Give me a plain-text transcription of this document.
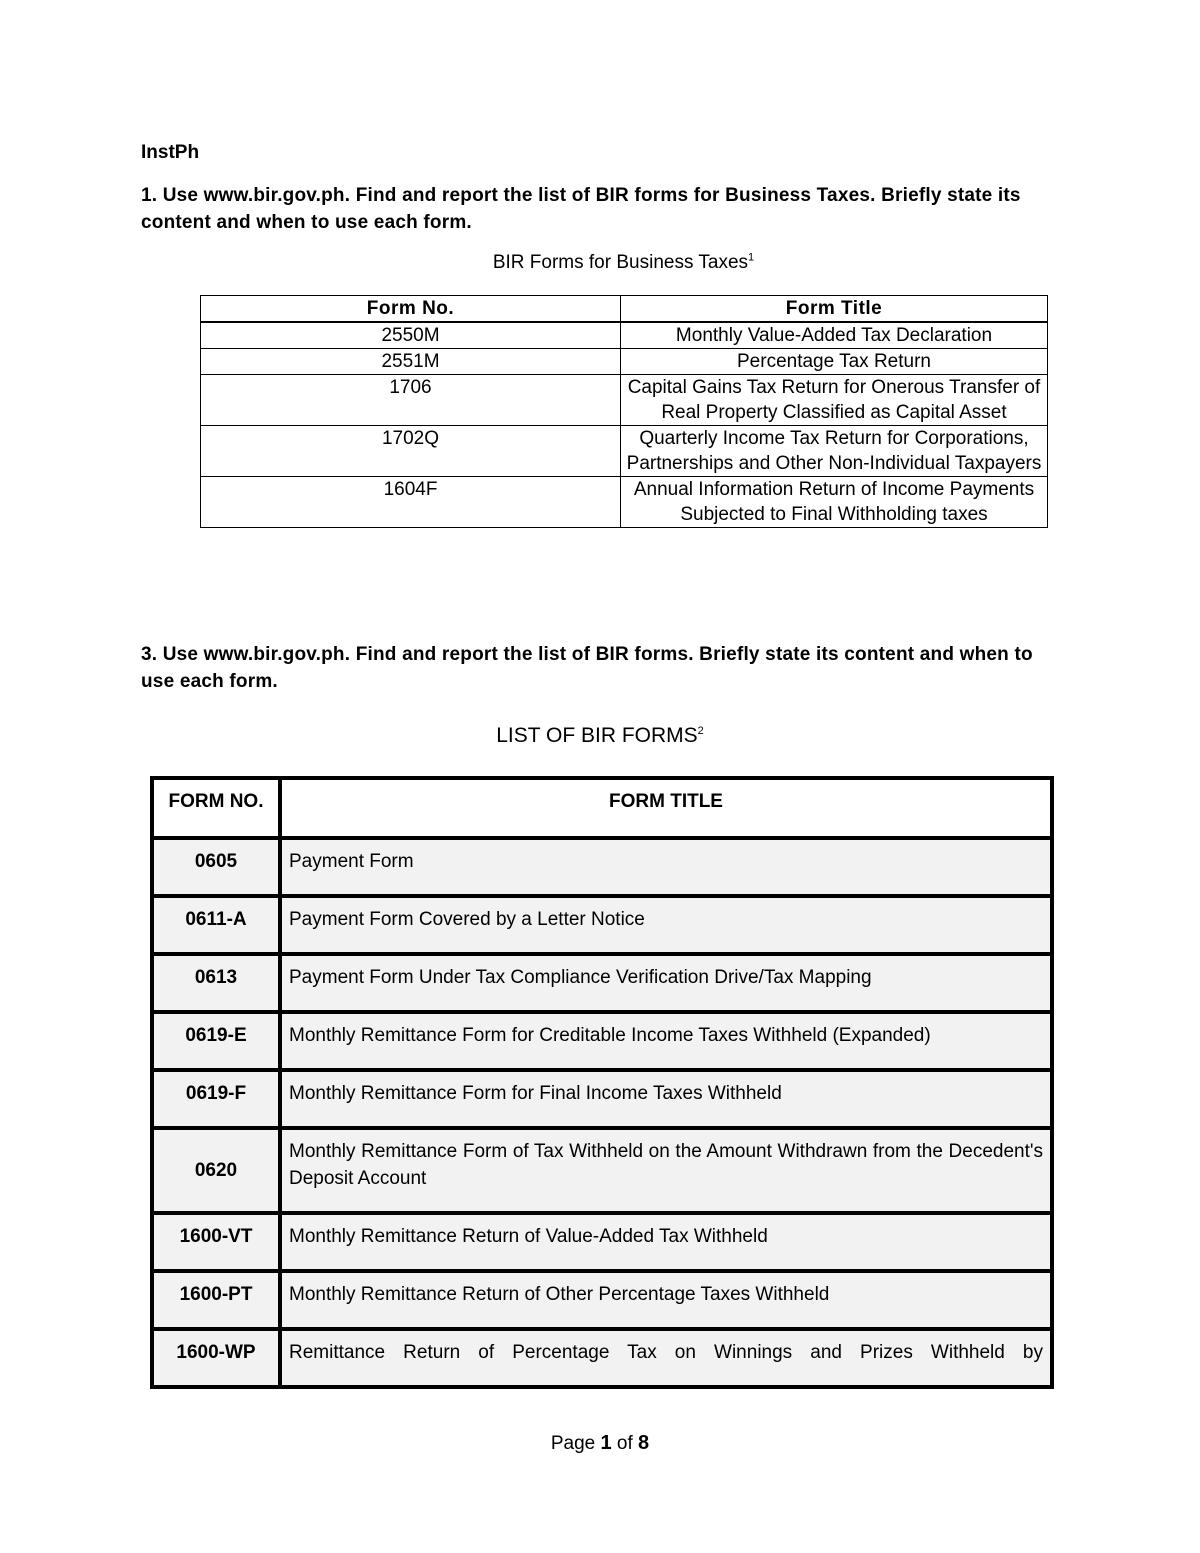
InstPh
1. Use www.bir.gov.ph. Find and report the list of BIR forms for Business Taxes. Briefly state its content and when to use each form.
BIR Forms for Business Taxes$^1$
Form No.	Form Title
2550M	Monthly Value-Added Tax Declaration
2551M	Percentage Tax Return
1706	Capital Gains Tax Return for Onerous Transfer of Real Property Classified as Capital Asset
1702Q	Quarterly Income Tax Return for Corporations, Partnerships and Other Non-Individual Taxpayers
1604F	Annual Information Return of Income Payments Subjected to Final Withholding taxes
3. Use www.bir.gov.ph. Find and report the list of BIR forms. Briefly state its content and when to use each form.
LIST OF BIR FORMS$^2$
FORM NO.	FORM TITLE
0605	Payment Form
0611-A	Payment Form Covered by a Letter Notice
0613	Payment Form Under Tax Compliance Verification Drive/Tax Mapping
0619-E	Monthly Remittance Form for Creditable Income Taxes Withheld (Expanded)
0619-F	Monthly Remittance Form for Final Income Taxes Withheld
0620	Monthly Remittance Form of Tax Withheld on the Amount Withdrawn from the Decedent's Deposit Account
1600-VT	Monthly Remittance Return of Value-Added Tax Withheld
1600-PT	Monthly Remittance Return of Other Percentage Taxes Withheld
1600-WP	Remittance Return of Percentage Tax on Winnings and Prizes Withheld by
Page 1 of 8
